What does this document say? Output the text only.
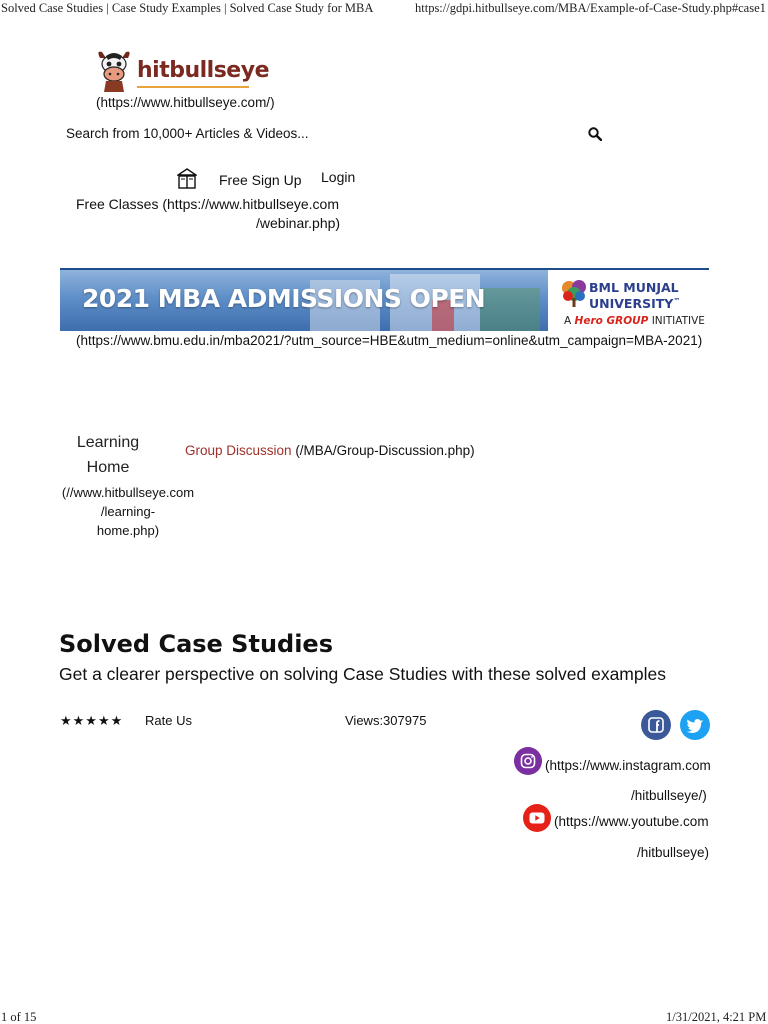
Solved Case Studies | Case Study Examples | Solved Case Study for MBA	https://gdpi.hitbullseye.com/MBA/Example-of-Case-Study.php#case1
hitbullseye
(https://www.hitbullseye.com/)
Search from 10,000+ Articles & Videos...
Free Sign Up Login
Free Classes (https://www.hitbullseye.com
/webinar.php)
2021 MBA ADMISSIONS OPEN	BML MUNJAL
UNIVERSITY™
A Hero GROUP INITIATIVE
(https://www.bmu.edu.in/mba2021/?utm_source=HBE&utm_medium=online&utm_campaign=MBA-2021)
Learning
Home
(//www.hitbullseye.com
/learning-
home.php)
Group Discussion (/MBA/Group-Discussion.php)
Solved Case Studies
Get a clearer perspective on solving Case Studies with these solved examples
★★★★★ Rate Us	Views:307975
(https://www.instagram.com
/hitbullseye/)
(https://www.youtube.com
/hitbullseye)
1 of 15	1/31/2021, 4:21 PM
